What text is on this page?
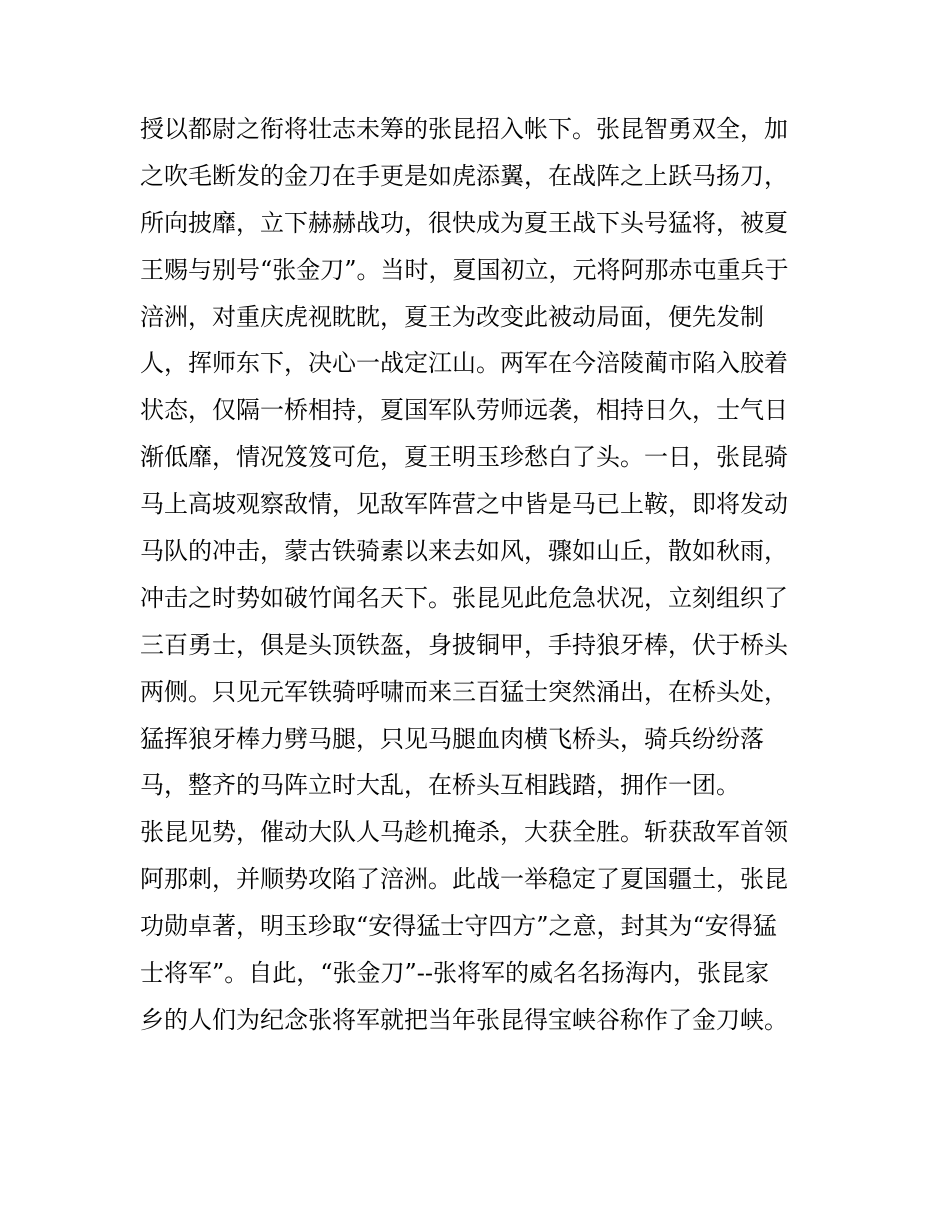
授以都尉之衔将壮志未筹的张昆招入帐下。张昆智勇双全，加
之吹毛断发的金刀在手更是如虎添翼，在战阵之上跃马扬刀，
所向披靡，立下赫赫战功，很快成为夏王战下头号猛将，被夏
王赐与别号“张金刀”。当时，夏国初立，元将阿那赤屯重兵于
涪洲，对重庆虎视眈眈，夏王为改变此被动局面，便先发制
人，挥师东下，决心一战定江山。两军在今涪陵蔺市陷入胶着
状态，仅隔一桥相持，夏国军队劳师远袭，相持日久，士气日
渐低靡，情况笈笈可危，夏王明玉珍愁白了头。一日，张昆骑
马上高坡观察敌情，见敌军阵营之中皆是马已上鞍，即将发动
马队的冲击，蒙古铁骑素以来去如风，骤如山丘，散如秋雨，
冲击之时势如破竹闻名天下。张昆见此危急状况，立刻组织了
三百勇士，俱是头顶铁盔，身披铜甲，手持狼牙棒，伏于桥头
两侧。只见元军铁骑呼啸而来三百猛士突然涌出，在桥头处，
猛挥狼牙棒力劈马腿，只见马腿血肉横飞桥头，骑兵纷纷落
马，整齐的马阵立时大乱，在桥头互相践踏，拥作一团。
张昆见势，催动大队人马趁机掩杀，大获全胜。斩获敌军首领
阿那刺，并顺势攻陷了涪洲。此战一举稳定了夏国疆土，张昆
功勋卓著，明玉珍取“安得猛士守四方”之意，封其为“安得猛
士将军”。自此，“张金刀”--张将军的威名名扬海内，张昆家
乡的人们为纪念张将军就把当年张昆得宝峡谷称作了金刀峡。
